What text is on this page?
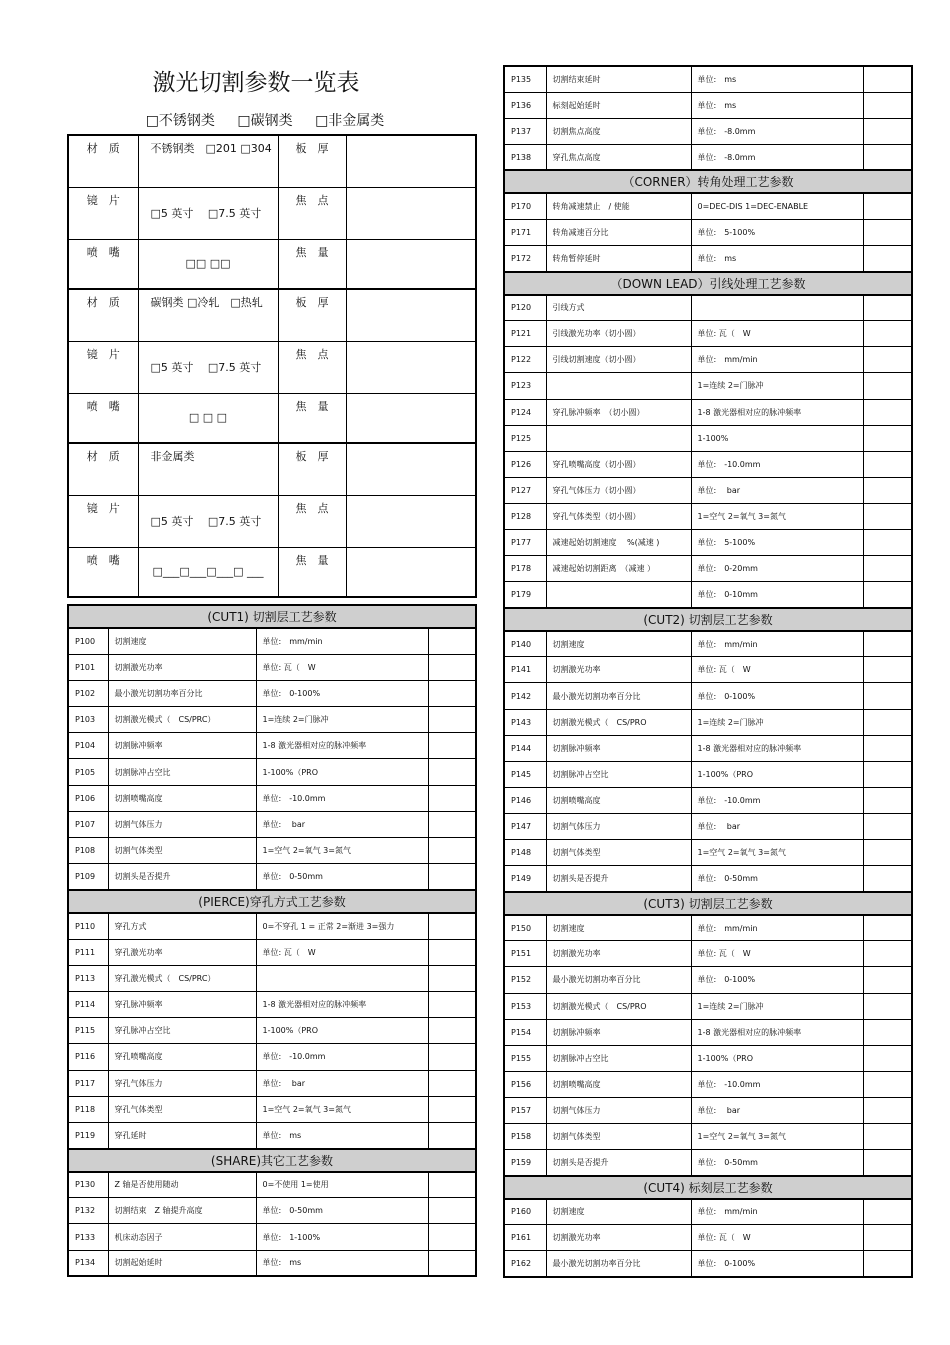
激光切割参数一览表
□不锈钢类 □碳钢类 □非金属类
材　质	不锈钢类　□201 □304	板　厚	
镜　片	□5 英寸　 □7.5 英寸	焦　点	
喷　嘴	□□ □□	焦　量	
材　质	碳钢类 □冷轧　□热轧	板　厚	
镜　片	□5 英寸　 □7.5 英寸	焦　点	
喷　嘴	□ □ □	焦　量	
材　质	非金属类	板　厚	
镜　片	□5 英寸　 □7.5 英寸	焦　点	
喷　嘴	□___□___□___□ ___	焦　量	
(CUT1) 切割层工艺参数			
P100	切割速度	单位:　mm/min	
P101	切割激光功率	单位: 瓦（　W	
P102	最小激光切割功率百分比	单位:　0-100%	
P103	切割激光模式（　CS/PRC）	1=连续 2=门脉冲	
P104	切割脉冲频率	1-8 激光器相对应的脉冲频率	
P105	切割脉冲占空比	1-100%（PRO	
P106	切割喷嘴高度	单位:　-10.0mm	
P107	切割气体压力	单位:　 bar	
P108	切割气体类型	1=空气 2=氧气 3=氮气	
P109	切割头是否提升	单位:　0-50mm	
(PIERCE)穿孔方式工艺参数			
P110	穿孔方式	0=不穿孔 1 = 正常 2=渐进 3=强力	
P111	穿孔激光功率	单位: 瓦（　W	
P113	穿孔激光模式（　CS/PRC）		
P114	穿孔脉冲频率	1-8 激光器相对应的脉冲频率	
P115	穿孔脉冲占空比	1-100%（PRO	
P116	穿孔喷嘴高度	单位:　-10.0mm	
P117	穿孔气体压力	单位:　 bar	
P118	穿孔气体类型	1=空气 2=氧气 3=氮气	
P119	穿孔延时	单位:　ms	
(SHARE)其它工艺参数			
P130	Z 轴是否使用随动	0=不使用 1=使用	
P132	切割结束　Z 轴提升高度	单位:　0-50mm	
P133	机床动态因子	单位:　1-100%	
P134	切割起始延时	单位:　ms	
P135	切割结束延时	单位:　ms	
P136	标刻起始延时	单位:　ms	
P137	切割焦点高度	单位:　-8.0mm	
P138	穿孔焦点高度	单位:　-8.0mm	
（CORNER）转角处理工艺参数			
P170	转角减速禁止　/ 使能	0=DEC-DIS 1=DEC-ENABLE	
P171	转角减速百分比	单位:　5-100%	
P172	转角暂停延时	单位:　ms	
（DOWN LEAD）引线处理工艺参数			
P120	引线方式		
P121	引线激光功率（切小圆）	单位: 瓦（　W	
P122	引线切割速度（切小圆）	单位:　mm/min	
P123		1=连续 2=门脉冲	
P124	穿孔脉冲频率　（切小圆）	1-8 激光器相对应的脉冲频率	
P125		1-100%	
P126	穿孔喷嘴高度（切小圆）	单位:　-10.0mm	
P127	穿孔气体压力（切小圆）	单位:　 bar	
P128	穿孔气体类型（切小圆）	1=空气 2=氧气 3=氮气	
P177	减速起始切割速度　 %(减速 )	单位:　5-100%	
P178	减速起始切割距离　（减速 ）	单位:　0-20mm	
P179		单位:　0-10mm	
(CUT2) 切割层工艺参数			
P140	切割速度	单位:　mm/min	
P141	切割激光功率	单位: 瓦（　W	
P142	最小激光切割功率百分比	单位:　0-100%	
P143	切割激光模式（　CS/PRO	1=连续 2=门脉冲	
P144	切割脉冲频率	1-8 激光器相对应的脉冲频率	
P145	切割脉冲占空比	1-100%（PRO	
P146	切割喷嘴高度	单位:　-10.0mm	
P147	切割气体压力	单位:　 bar	
P148	切割气体类型	1=空气 2=氧气 3=氮气	
P149	切割头是否提升	单位:　0-50mm	
(CUT3) 切割层工艺参数			
P150	切割速度	单位:　mm/min	
P151	切割激光功率	单位: 瓦（　W	
P152	最小激光切割功率百分比	单位:　0-100%	
P153	切割激光模式（　CS/PRO	1=连续 2=门脉冲	
P154	切割脉冲频率	1-8 激光器相对应的脉冲频率	
P155	切割脉冲占空比	1-100%（PRO	
P156	切割喷嘴高度	单位:　-10.0mm	
P157	切割气体压力	单位:　 bar	
P158	切割气体类型	1=空气 2=氧气 3=氮气	
P159	切割头是否提升	单位:　0-50mm	
(CUT4) 标刻层工艺参数			
P160	切割速度	单位:　mm/min	
P161	切割激光功率	单位: 瓦（　W	
P162	最小激光切割功率百分比	单位:　0-100%	
